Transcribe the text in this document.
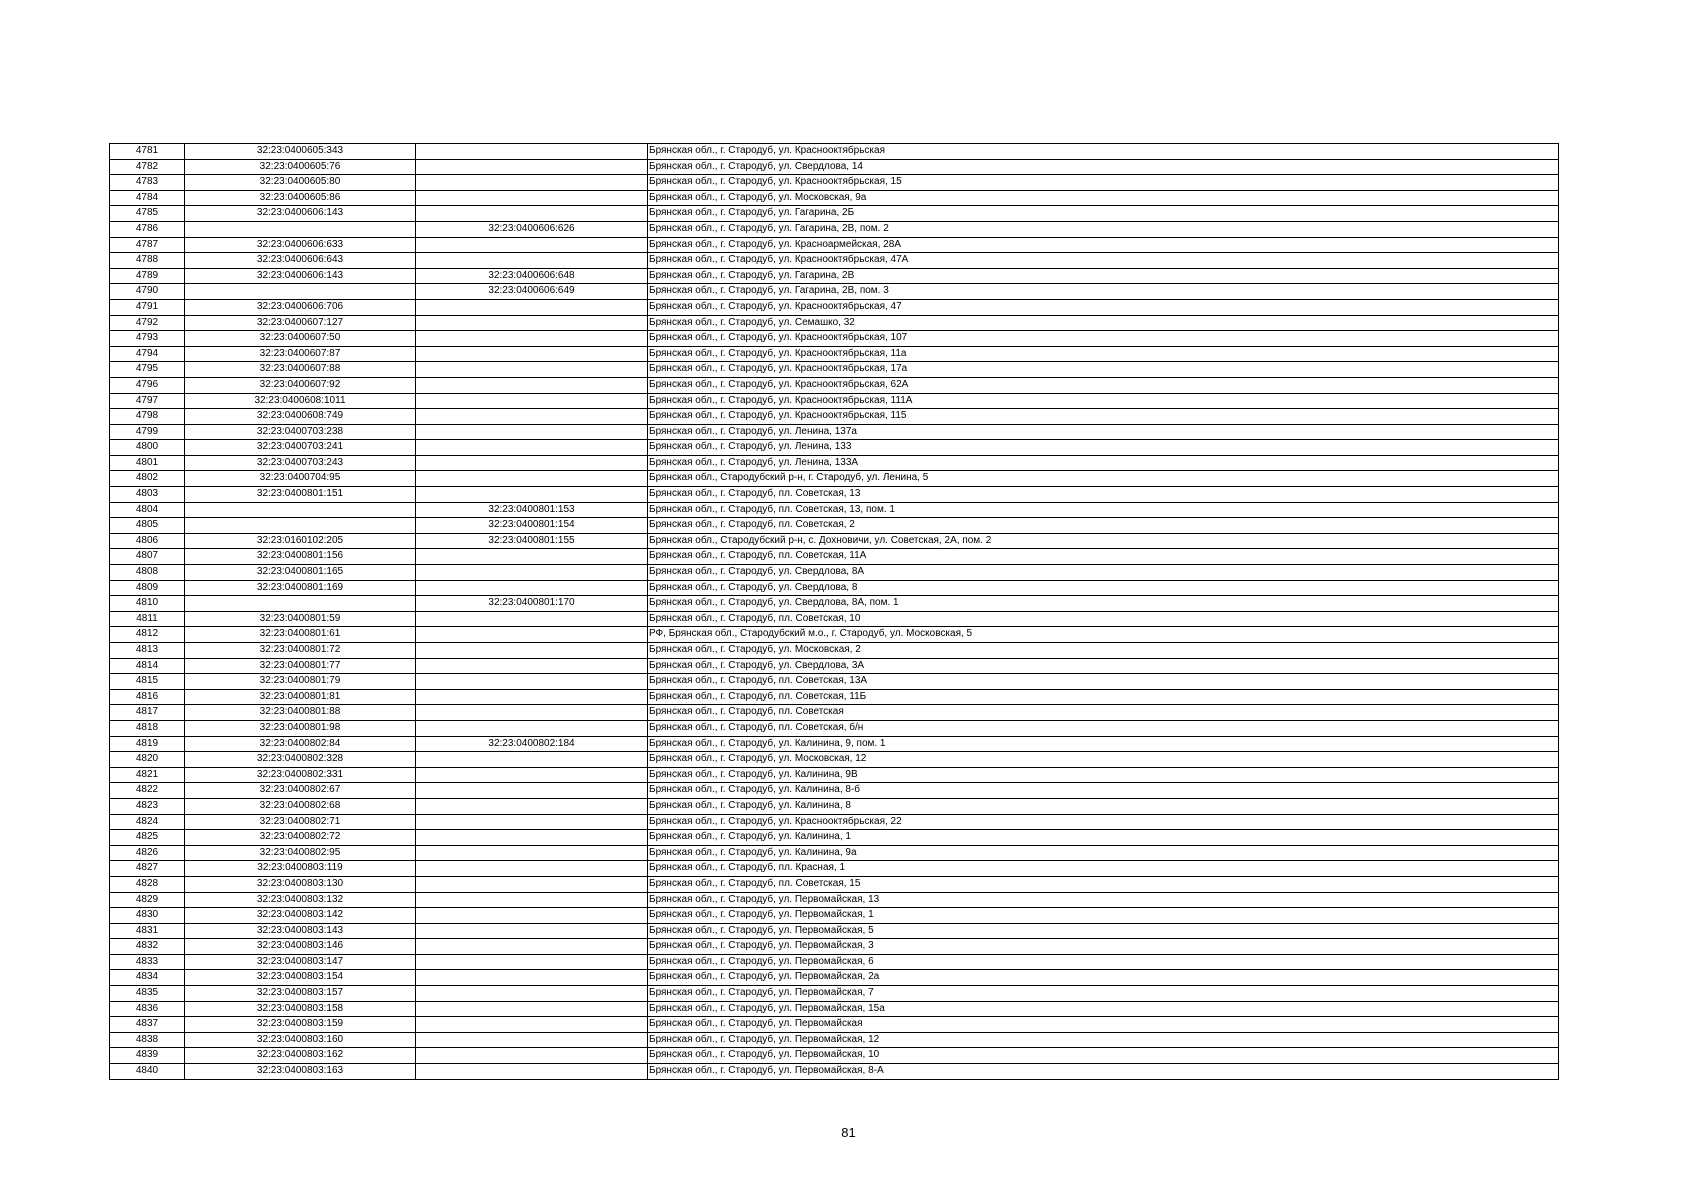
4781	32:23:0400605:343		Брянская обл., г. Стародуб, ул. Краснооктябрьская
4782	32:23:0400605:76		Брянская обл., г. Стародуб, ул. Свердлова, 14
4783	32:23:0400605:80		Брянская обл., г. Стародуб, ул. Краснооктябрьская, 15
4784	32:23:0400605:86		Брянская обл., г. Стародуб, ул. Московская, 9а
4785	32:23:0400606:143		Брянская обл., г. Стародуб, ул. Гагарина, 2Б
4786		32:23:0400606:626	Брянская обл., г. Стародуб, ул. Гагарина, 2В, пом. 2
4787	32:23:0400606:633		Брянская обл., г. Стародуб, ул. Красноармейская, 28А
4788	32:23:0400606:643		Брянская обл., г. Стародуб, ул. Краснооктябрьская, 47А
4789	32:23:0400606:143	32:23:0400606:648	Брянская обл., г. Стародуб, ул. Гагарина, 2В
4790		32:23:0400606:649	Брянская обл., г. Стародуб, ул. Гагарина, 2В, пом. 3
4791	32:23:0400606:706		Брянская обл., г. Стародуб, ул. Краснооктябрьская, 47
4792	32:23:0400607:127		Брянская обл., г. Стародуб, ул. Семашко, 32
4793	32:23:0400607:50		Брянская обл., г. Стародуб, ул. Краснооктябрьская, 107
4794	32:23:0400607:87		Брянская обл., г. Стародуб, ул. Краснооктябрьская, 11а
4795	32:23:0400607:88		Брянская обл., г. Стародуб, ул. Краснооктябрьская, 17а
4796	32:23:0400607:92		Брянская обл., г. Стародуб, ул. Краснооктябрьская, 62А
4797	32:23:0400608:1011		Брянская обл., г. Стародуб, ул. Краснооктябрьская, 111А
4798	32:23:0400608:749		Брянская обл., г. Стародуб, ул. Краснооктябрьская, 115
4799	32:23:0400703:238		Брянская обл., г. Стародуб, ул. Ленина, 137а
4800	32:23:0400703:241		Брянская обл., г. Стародуб, ул. Ленина, 133
4801	32:23:0400703:243		Брянская обл., г. Стародуб, ул. Ленина, 133А
4802	32:23:0400704:95		Брянская обл., Стародубский р-н, г. Стародуб, ул. Ленина, 5
4803	32:23:0400801:151		Брянская обл., г. Стародуб, пл. Советская, 13
4804		32:23:0400801:153	Брянская обл., г. Стародуб, пл. Советская, 13, пом. 1
4805		32:23:0400801:154	Брянская обл., г. Стародуб, пл. Советская, 2
4806	32:23:0160102:205	32:23:0400801:155	Брянская обл., Стародубский р-н, с. Дохновичи, ул. Советская, 2А, пом. 2
4807	32:23:0400801:156		Брянская обл., г. Стародуб, пл. Советская, 11А
4808	32:23:0400801:165		Брянская обл., г. Стародуб, ул. Свердлова, 8А
4809	32:23:0400801:169		Брянская обл., г. Стародуб, ул. Свердлова, 8
4810		32:23:0400801:170	Брянская обл., г. Стародуб, ул. Свердлова, 8А, пом. 1
4811	32:23:0400801:59		Брянская обл., г. Стародуб, пл. Советская, 10
4812	32:23:0400801:61		РФ, Брянская обл., Стародубский м.о., г. Стародуб, ул. Московская, 5
4813	32:23:0400801:72		Брянская обл., г. Стародуб, ул. Московская, 2
4814	32:23:0400801:77		Брянская обл., г. Стародуб, ул. Свердлова, 3А
4815	32:23:0400801:79		Брянская обл., г. Стародуб, пл. Советская, 13А
4816	32:23:0400801:81		Брянская обл., г. Стародуб, пл. Советская, 11Б
4817	32:23:0400801:88		Брянская обл., г. Стародуб, пл. Советская
4818	32:23:0400801:98		Брянская обл., г. Стародуб, пл. Советская, б/н
4819	32:23:0400802:84	32:23:0400802:184	Брянская обл., г. Стародуб, ул. Калинина, 9, пом. 1
4820	32:23:0400802:328		Брянская обл., г. Стародуб, ул. Московская, 12
4821	32:23:0400802:331		Брянская обл., г. Стародуб, ул. Калинина, 9В
4822	32:23:0400802:67		Брянская обл., г. Стародуб, ул. Калинина, 8-б
4823	32:23:0400802:68		Брянская обл., г. Стародуб, ул. Калинина, 8
4824	32:23:0400802:71		Брянская обл., г. Стародуб, ул. Краснооктябрьская, 22
4825	32:23:0400802:72		Брянская обл., г. Стародуб, ул. Калинина, 1
4826	32:23:0400802:95		Брянская обл., г. Стародуб, ул. Калинина, 9а
4827	32:23:0400803:119		Брянская обл., г. Стародуб, пл. Красная, 1
4828	32:23:0400803:130		Брянская обл., г. Стародуб, пл. Советская, 15
4829	32:23:0400803:132		Брянская обл., г. Стародуб, ул. Первомайская, 13
4830	32:23:0400803:142		Брянская обл., г. Стародуб, ул. Первомайская, 1
4831	32:23:0400803:143		Брянская обл., г. Стародуб, ул. Первомайская, 5
4832	32:23:0400803:146		Брянская обл., г. Стародуб, ул. Первомайская, 3
4833	32:23:0400803:147		Брянская обл., г. Стародуб, ул. Первомайская, 6
4834	32:23:0400803:154		Брянская обл., г. Стародуб, ул. Первомайская, 2а
4835	32:23:0400803:157		Брянская обл., г. Стародуб, ул. Первомайская, 7
4836	32:23:0400803:158		Брянская обл., г. Стародуб, ул. Первомайская, 15а
4837	32:23:0400803:159		Брянская обл., г. Стародуб, ул. Первомайская
4838	32:23:0400803:160		Брянская обл., г. Стародуб, ул. Первомайская, 12
4839	32:23:0400803:162		Брянская обл., г. Стародуб, ул. Первомайская, 10
4840	32:23:0400803:163		Брянская обл., г. Стародуб, ул. Первомайская, 8-А
81
